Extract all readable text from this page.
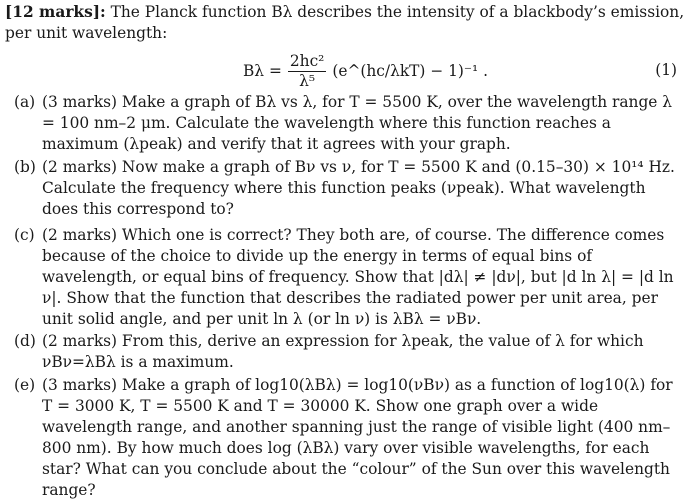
[12 marks]: The Planck function Bλ describes the intensity of a blackbody’s emission, per unit wavelength:
$B\lambda = \frac{\text{2hc²}}{\text{λ⁵}}$ (e^(hc/λkT) − 1)⁻¹ .	(1)
(a) (3 marks) Make a graph of Bλ vs λ, for T = 5500 K, over the wavelength range λ = 100 nm–2 μm. Calculate the wavelength where this function reaches a maximum (λpeak) and verify that it agrees with your graph.
(b) (2 marks) Now make a graph of Bν vs ν, for T = 5500 K and (0.15–30) × 10¹⁴ Hz. Calculate the frequency where this function peaks (νpeak). What wavelength does this correspond to?
(c) (2 marks) Which one is correct? They both are, of course. The difference comes because of the choice to divide up the energy in terms of equal bins of wavelength, or equal bins of frequency. Show that |dλ| ≠ |dν|, but |d ln λ| = |d ln ν|. Show that the function that describes the radiated power per unit area, per unit solid angle, and per unit ln λ (or ln ν) is λBλ = νBν.
(d) (2 marks) From this, derive an expression for λpeak, the value of λ for which νBν=λBλ is a maximum.
(e) (3 marks) Make a graph of log10(λBλ) = log10(νBν) as a function of log10(λ) for T = 3000 K, T = 5500 K and T = 30000 K. Show one graph over a wide wavelength range, and another spanning just the range of visible light (400 nm–800 nm). By how much does log (λBλ) vary over visible wavelengths, for each star? What can you conclude about the “colour” of the Sun over this wavelength range?
